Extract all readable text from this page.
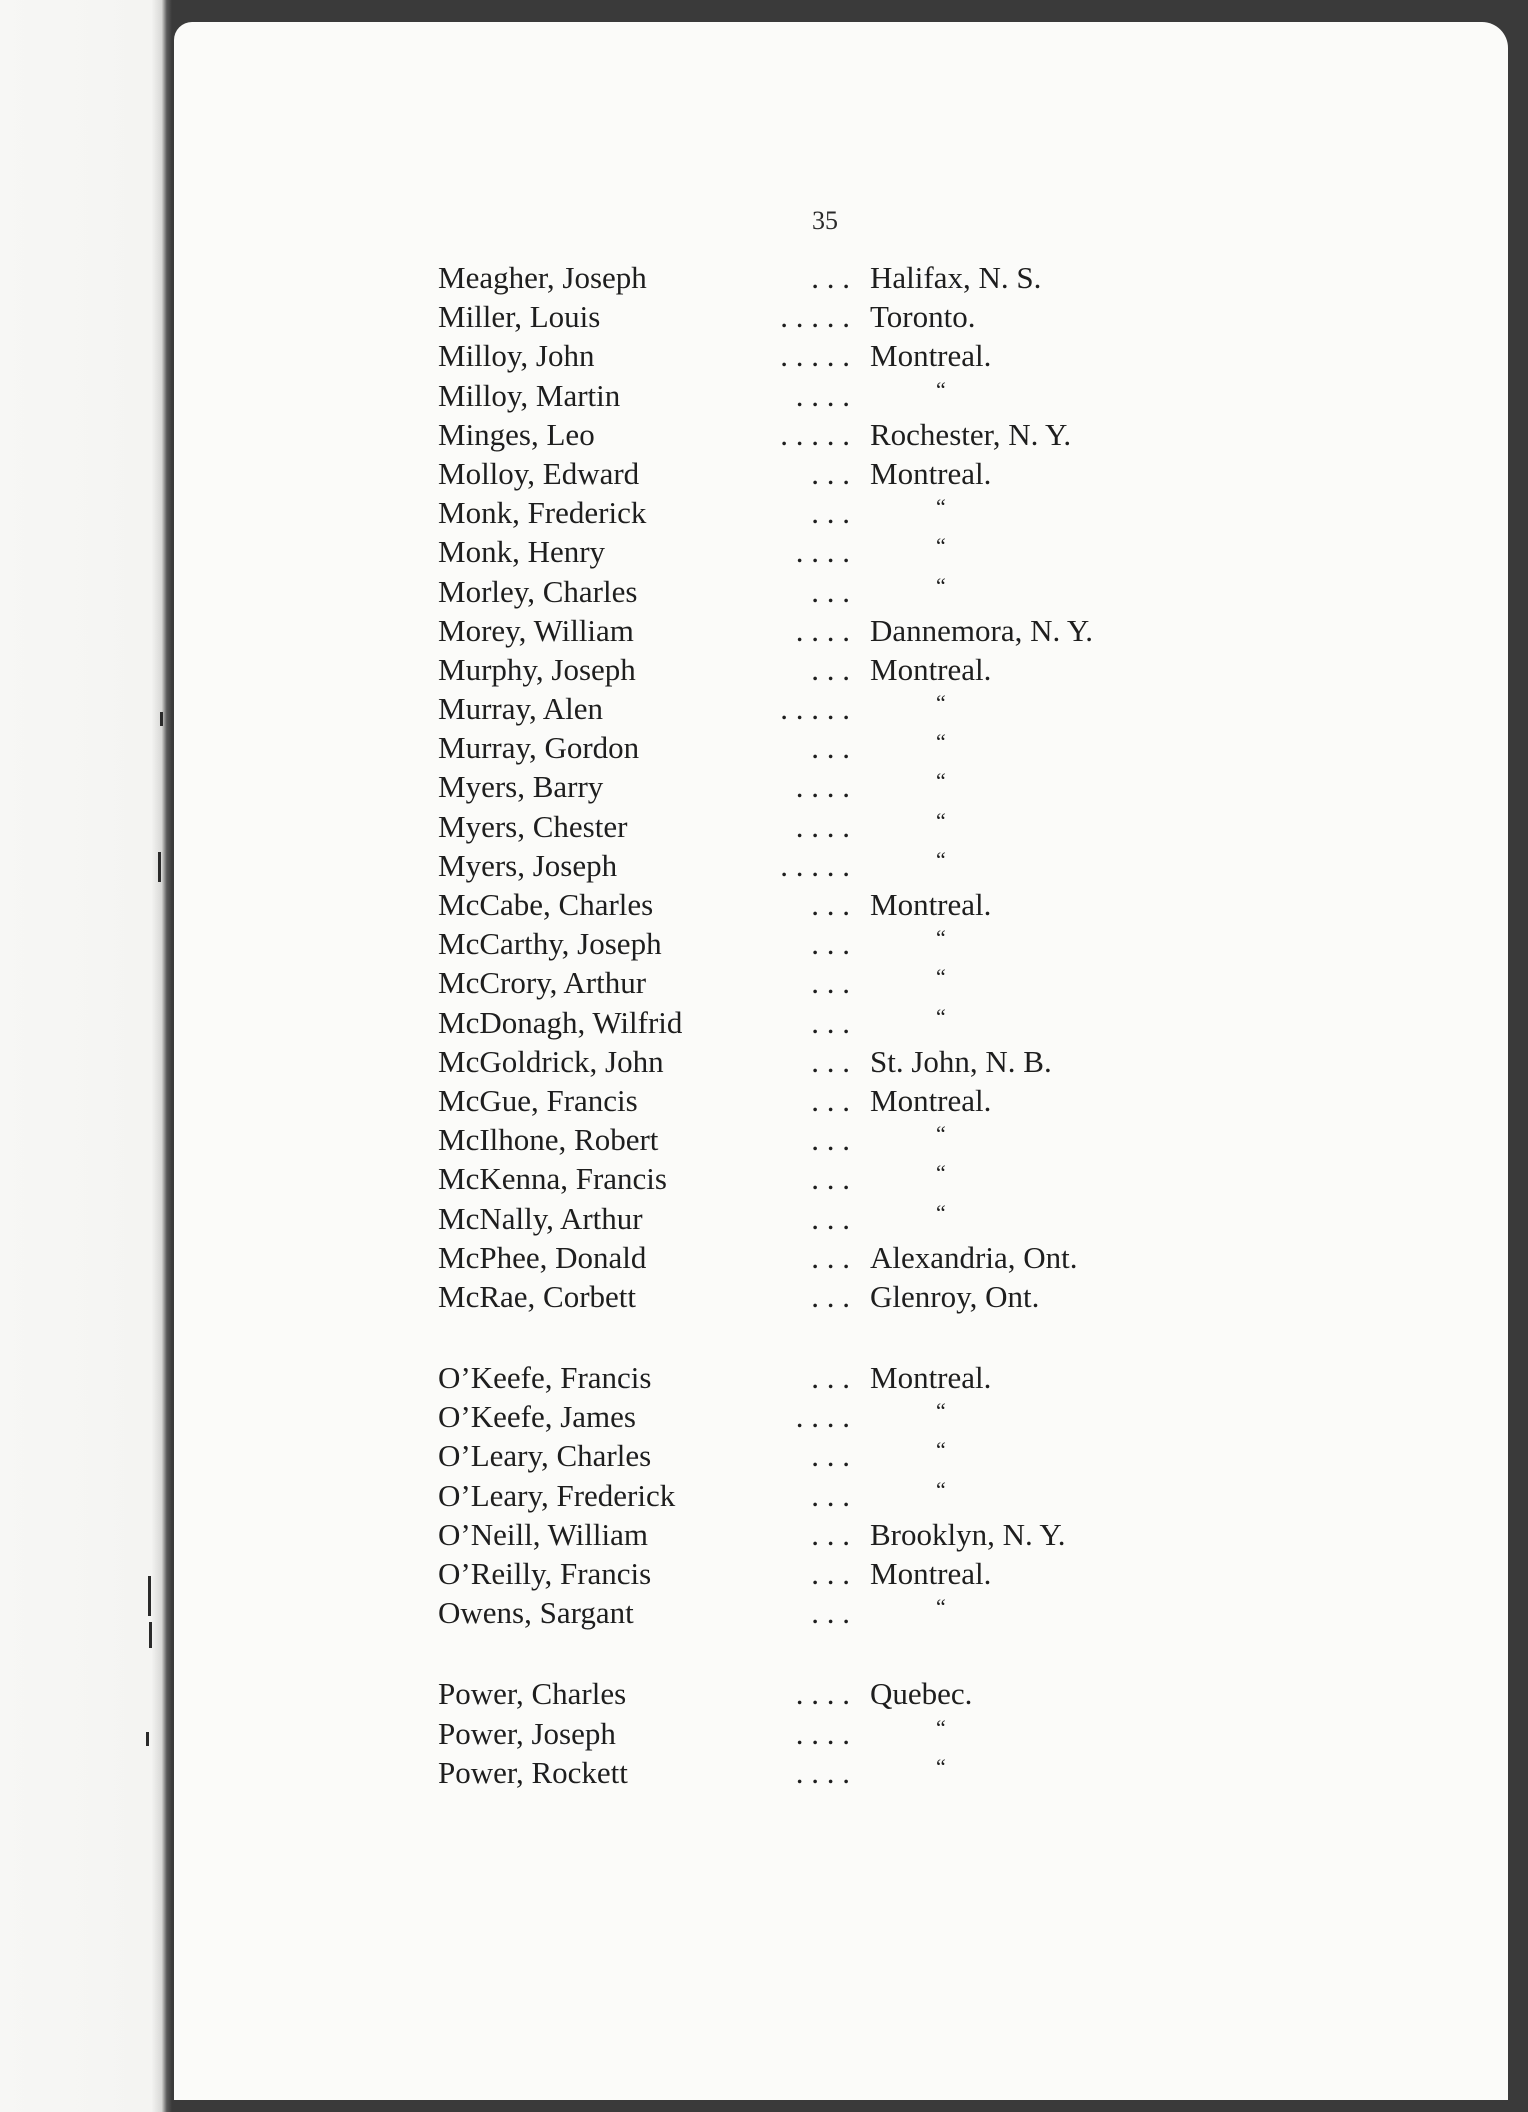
35
Meagher, Joseph	. . . Halifax, N. S.
Miller, Louis	. . . . . Toronto.
Milloy, John	. . . . . Montreal.
Milloy, Martin	. . . .	“
Minges, Leo	. . . . . Rochester, N. Y.
Molloy, Edward	. . . Montreal.
Monk, Frederick	. . .	“
Monk, Henry	. . . .	“
Morley, Charles	. . .	“
Morey, William	. . . . Dannemora, N. Y.
Murphy, Joseph	. . . Montreal.
Murray, Alen	. . . . .	“
Murray, Gordon	. . .	“
Myers, Barry	. . . .	“
Myers, Chester	. . . .	“
Myers, Joseph	. . . . .	“
McCabe, Charles	. . . Montreal.
McCarthy, Joseph	. . .	“
McCrory, Arthur	. . .	“
McDonagh, Wilfrid	. . .	“
McGoldrick, John	. . . St. John, N. B.
McGue, Francis	. . . Montreal.
McIlhone, Robert	. . .	“
McKenna, Francis	. . .	“
McNally, Arthur	. . .	“
McPhee, Donald	. . . Alexandria, Ont.
McRae, Corbett	. . . Glenroy, Ont.
O’Keefe, Francis	. . . Montreal.
O’Keefe, James	. . . .	“
O’Leary, Charles	. . .	“
O’Leary, Frederick	. . .	“
O’Neill, William	. . . Brooklyn, N. Y.
O’Reilly, Francis	. . . Montreal.
Owens, Sargant	. . .	“
Power, Charles	. . . . Quebec.
Power, Joseph	. . . .	“
Power, Rockett	. . . .	“
